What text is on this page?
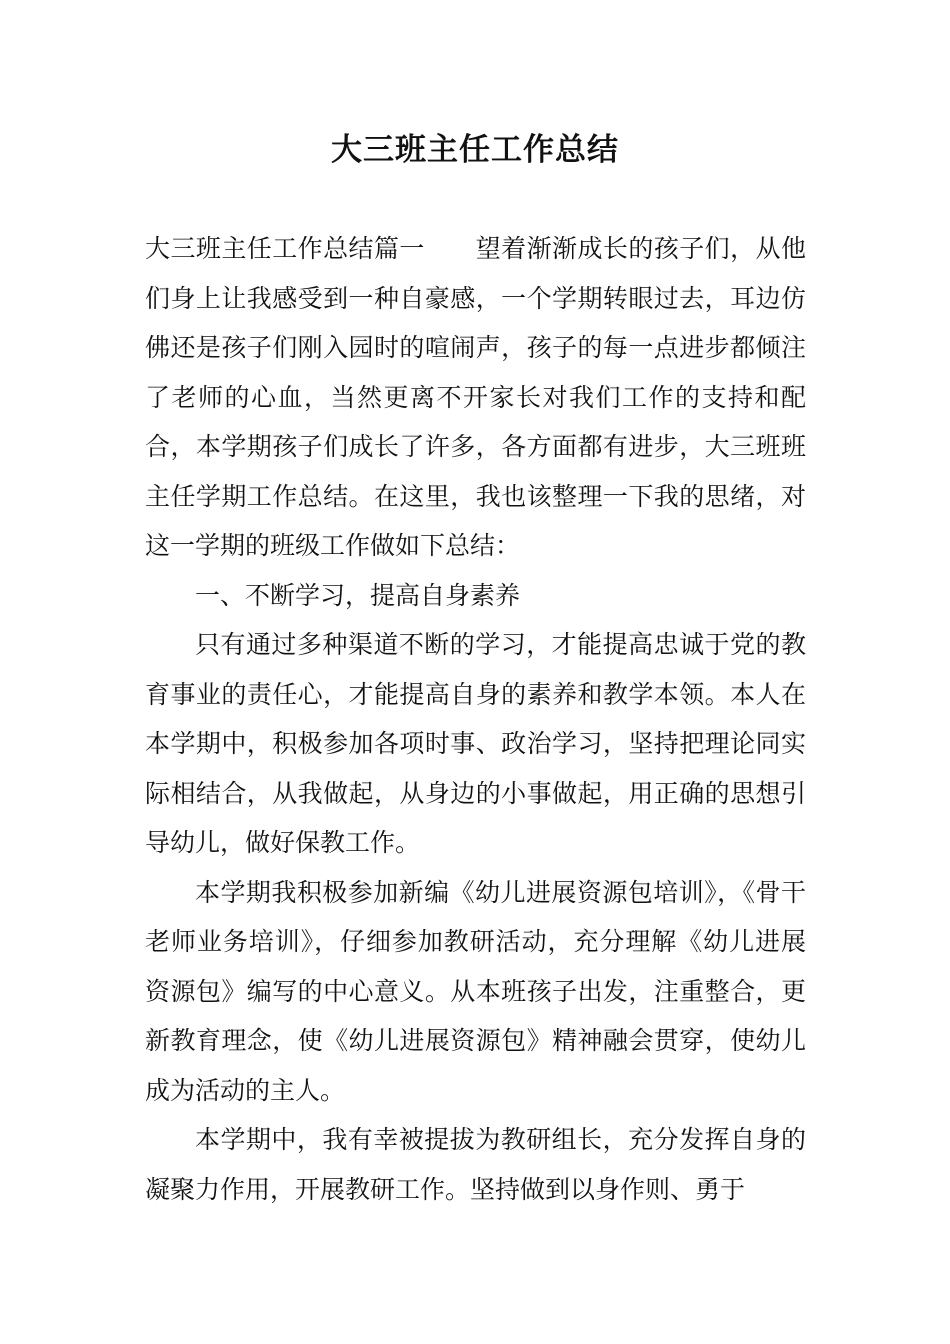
大三班主任工作总结

大三班主任工作总结篇一　　望着渐渐成长的孩子们，从他们身上让我感受到一种自豪感，一个学期转眼过去，耳边仿佛还是孩子们刚入园时的喧闹声，孩子的每一点进步都倾注了老师的心血，当然更离不开家长对我们工作的支持和配合，本学期孩子们成长了许多，各方面都有进步，大三班班主任学期工作总结。在这里，我也该整理一下我的思绪，对这一学期的班级工作做如下总结：

一、不断学习，提高自身素养

只有通过多种渠道不断的学习，才能提高忠诚于党的教育事业的责任心，才能提高自身的素养和教学本领。本人在本学期中，积极参加各项时事、政治学习，坚持把理论同实际相结合，从我做起，从身边的小事做起，用正确的思想引导幼儿，做好保教工作。

本学期我积极参加新编《幼儿进展资源包培训》，《骨干老师业务培训》，仔细参加教研活动，充分理解《幼儿进展资源包》编写的中心意义。从本班孩子出发，注重整合，更新教育理念，使《幼儿进展资源包》精神融会贯穿，使幼儿成为活动的主人。

本学期中，我有幸被提拔为教研组长，充分发挥自身的凝聚力作用，开展教研工作。坚持做到以身作则、勇于
